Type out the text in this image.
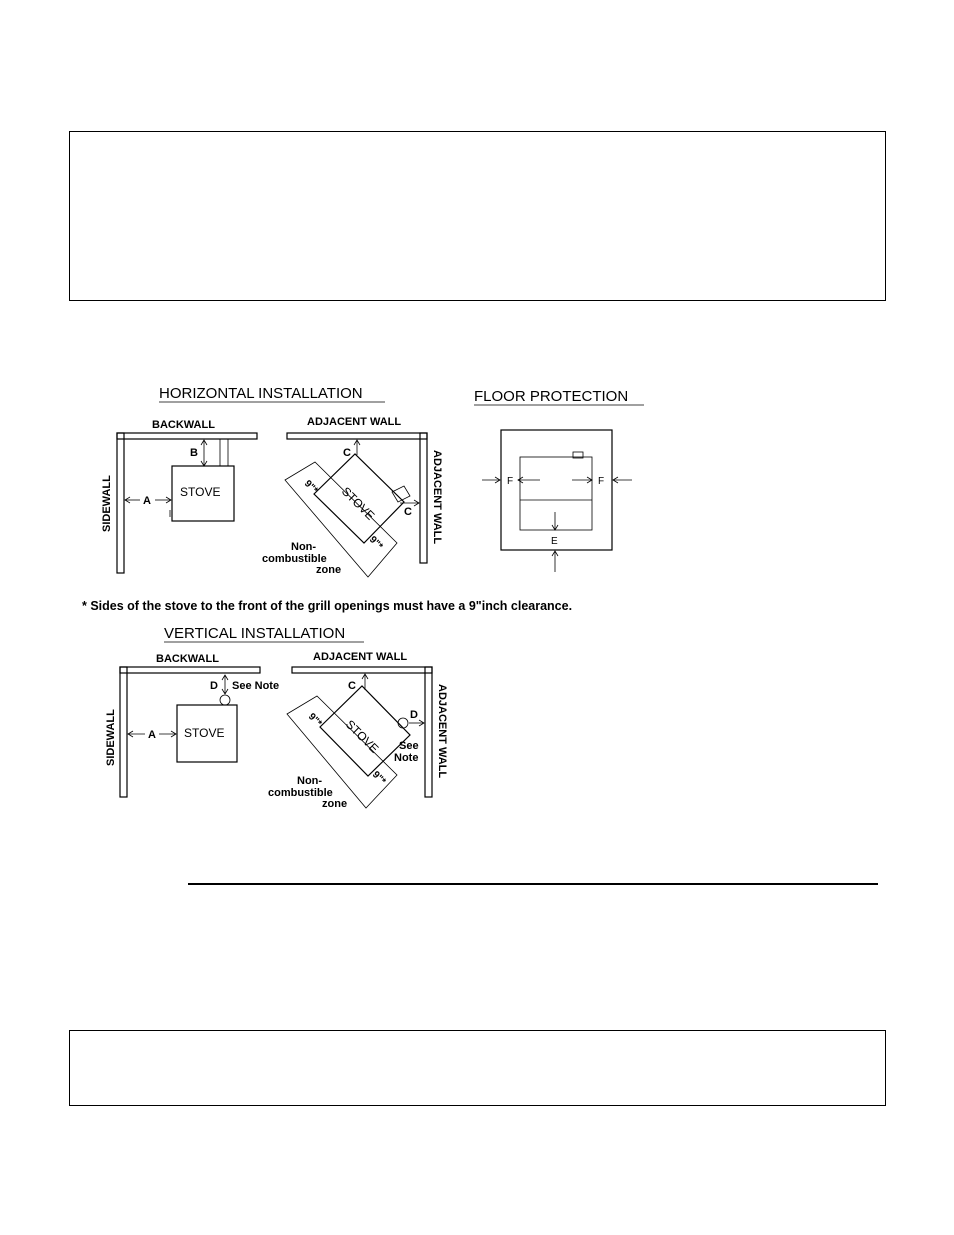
HORIZONTAL INSTALLATION
BACKWALL
SIDEWALL	STOVE
B
A
ADJACENT WALL
ADJACENT WALL
STOVE
C
C
9"*
9"*
Non-
combustible
zone
FLOOR PROTECTION
F	F
E
* Sides of the stove to the front of the grill openings must have a 9"inch clearance.
VERTICAL INSTALLATION
BACKWALL
SIDEWALL	STOVE
D See Note
A
ADJACENT WALL
ADJACENT WALL
STOVE
C
D
See
Note
9"*
9"*
Non-
combustible
zone
